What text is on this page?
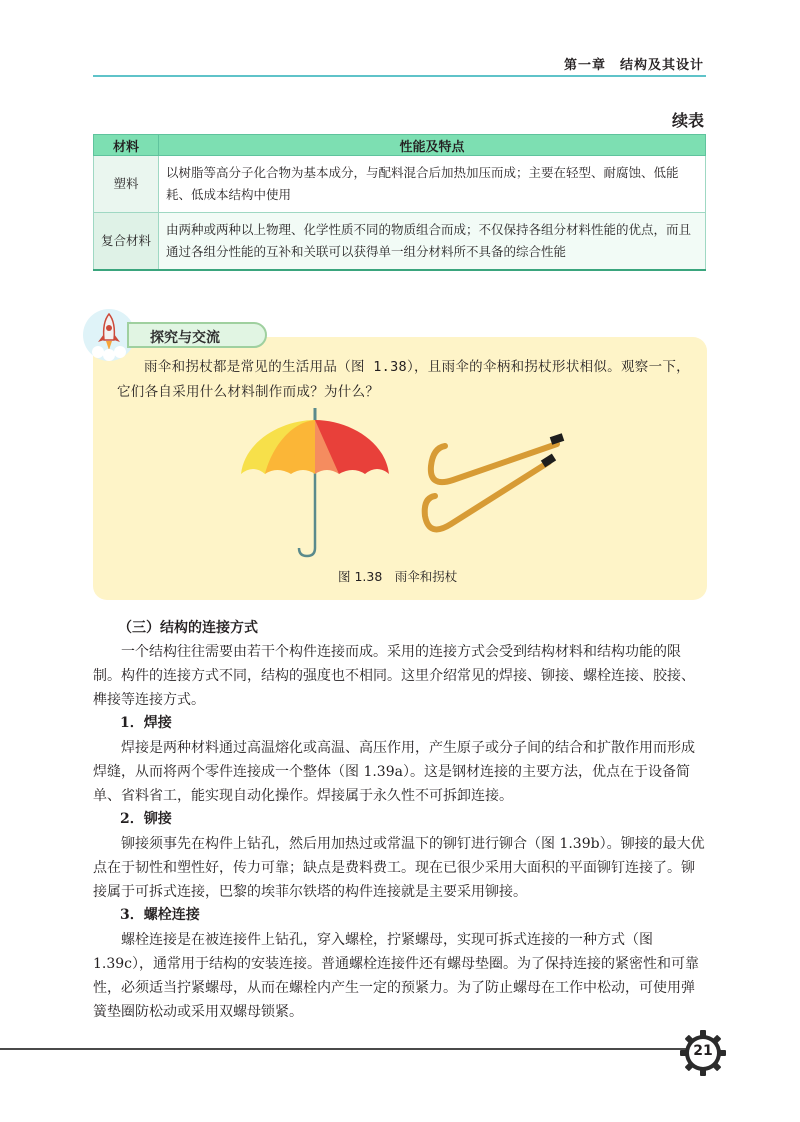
第一章　结构及其设计
续表
材料	性能及特点
塑料	以树脂等高分子化合物为基本成分，与配料混合后加热加压而成；主要在轻型、耐腐蚀、低能耗、低成本结构中使用
复合材料	由两种或两种以上物理、化学性质不同的物质组合而成；不仅保持各组分材料性能的优点，而且通过各组分性能的互补和关联可以获得单一组分材料所不具备的综合性能
探究与交流
雨伞和拐杖都是常见的生活用品（图 1.38），且雨伞的伞柄和拐杖形状相似。观察一下，它们各自采用什么材料制作而成？为什么？
图 1.38　雨伞和拐杖
（三）结构的连接方式
一个结构往往需要由若干个构件连接而成。采用的连接方式会受到结构材料和结构功能的限制。构件的连接方式不同，结构的强度也不相同。这里介绍常见的焊接、铆接、螺栓连接、胶接、榫接等连接方式。
1．焊接
焊接是两种材料通过高温熔化或高温、高压作用，产生原子或分子间的结合和扩散作用而形成焊缝，从而将两个零件连接成一个整体（图 1.39a）。这是钢材连接的主要方法，优点在于设备简单、省料省工，能实现自动化操作。焊接属于永久性不可拆卸连接。
2．铆接
铆接须事先在构件上钻孔，然后用加热过或常温下的铆钉进行铆合（图 1.39b）。铆接的最大优点在于韧性和塑性好，传力可靠；缺点是费料费工。现在已很少采用大面积的平面铆钉连接了。铆接属于可拆式连接，巴黎的埃菲尔铁塔的构件连接就是主要采用铆接。
3．螺栓连接
螺栓连接是在被连接件上钻孔，穿入螺栓，拧紧螺母，实现可拆式连接的一种方式（图1.39c），通常用于结构的安装连接。普通螺栓连接件还有螺母垫圈。为了保持连接的紧密性和可靠性，必须适当拧紧螺母，从而在螺栓内产生一定的预紧力。为了防止螺母在工作中松动，可使用弹簧垫圈防松动或采用双螺母锁紧。
21
